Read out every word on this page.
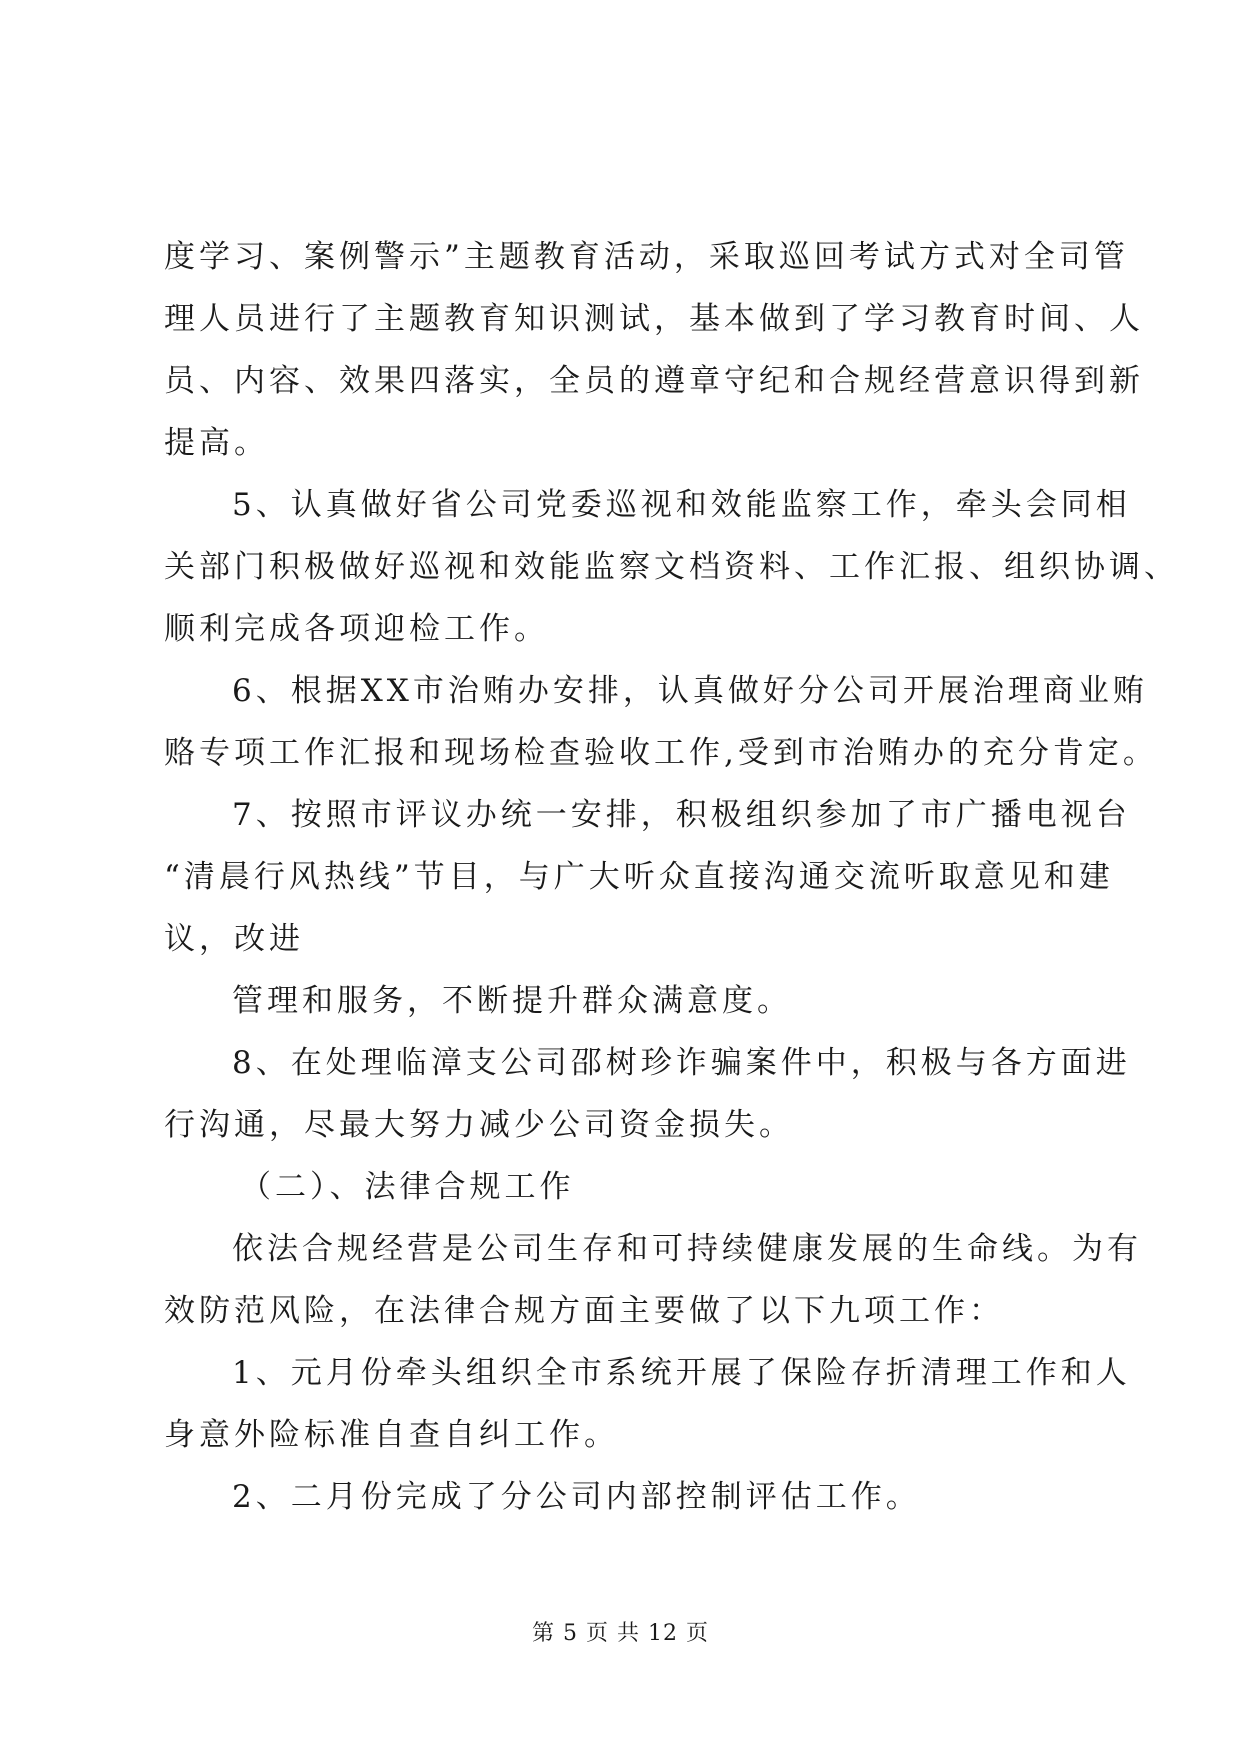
度学习、案例警示”主题教育活动，采取巡回考试方式对全司管
理人员进行了主题教育知识测试，基本做到了学习教育时间、人
员、内容、效果四落实，全员的遵章守纪和合规经营意识得到新
提高。
5、认真做好省公司党委巡视和效能监察工作，牵头会同相
关部门积极做好巡视和效能监察文档资料、工作汇报、组织协调、
顺利完成各项迎检工作。
6、根据XX市治贿办安排，认真做好分公司开展治理商业贿
赂专项工作汇报和现场检查验收工作,受到市治贿办的充分肯定。
7、按照市评议办统一安排，积极组织参加了市广播电视台
“清晨行风热线”节目，与广大听众直接沟通交流听取意见和建
议，改进
管理和服务，不断提升群众满意度。
8、在处理临漳支公司邵树珍诈骗案件中，积极与各方面进
行沟通，尽最大努力减少公司资金损失。
（二）、法律合规工作
依法合规经营是公司生存和可持续健康发展的生命线。为有
效防范风险，在法律合规方面主要做了以下九项工作：
1、元月份牵头组织全市系统开展了保险存折清理工作和人
身意外险标准自查自纠工作。
2、二月份完成了分公司内部控制评估工作。
第 5 页 共 12 页
